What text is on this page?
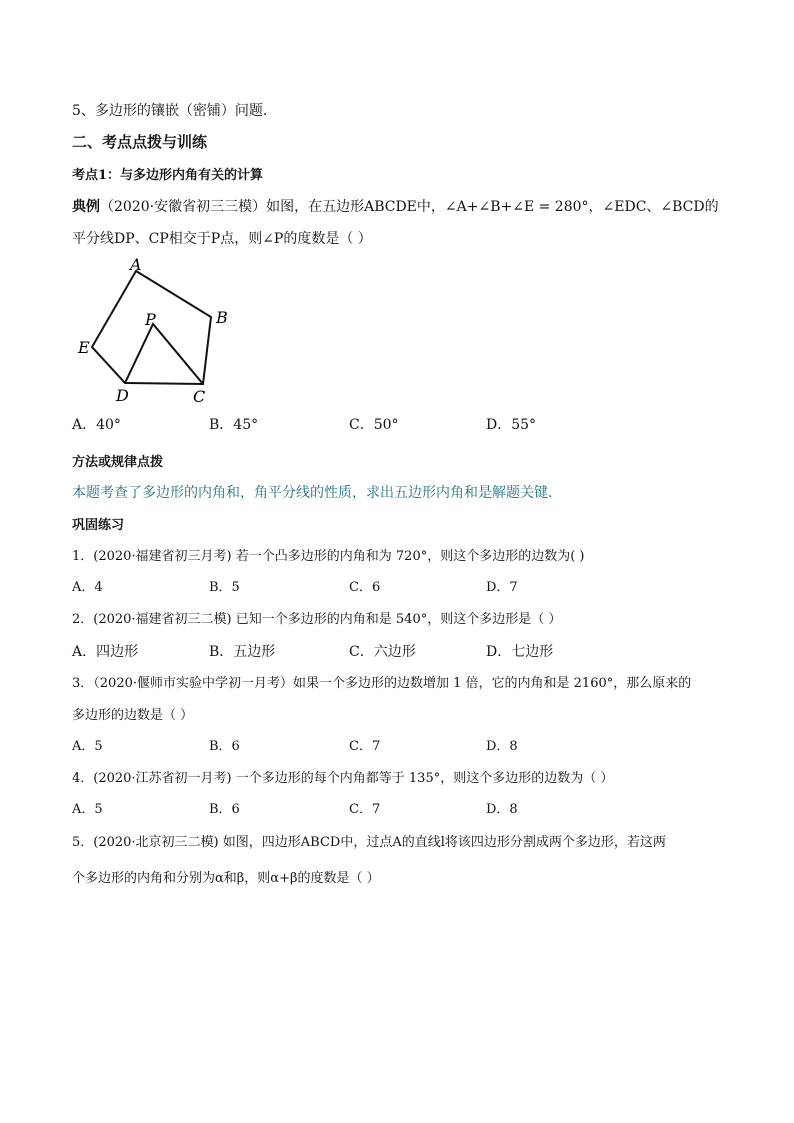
5、多边形的镶嵌（密铺）问题.
二、考点点拨与训练
考点1：与多边形内角有关的计算
典例（2020·安徽省初三三模）如图，在五边形ABCDE中，∠A+∠B+∠E = 280°，∠EDC、∠BCD的
平分线DP、CP相交于P点，则∠P的度数是（ ）
A
B
C
D
E
P
A．40°	B．45°	C．50°	D．55°
方法或规律点拨
本题考查了多边形的内角和，角平分线的性质，求出五边形内角和是解题关键．
巩固练习
1．(2020·福建省初三月考) 若一个凸多边形的内角和为 720°，则这个多边形的边数为( )
A．4	B．5	C．6	D．7
2．(2020·福建省初三二模) 已知一个多边形的内角和是 540°，则这个多边形是（ ）
A．四边形	B．五边形	C．六边形	D．七边形
3．（2020·偃师市实验中学初一月考）如果一个多边形的边数增加 1 倍，它的内角和是 2160°，那么原来的
多边形的边数是（ ）
A．5	B．6	C．7	D．8
4．(2020·江苏省初一月考) 一个多边形的每个内角都等于 135°，则这个多边形的边数为（ ）
A．5	B．6	C．7	D．8
5．(2020·北京初三二模) 如图，四边形ABCD中，过点A的直线l将该四边形分割成两个多边形，若这两
个多边形的内角和分别为α和β，则α+β的度数是（ ）
